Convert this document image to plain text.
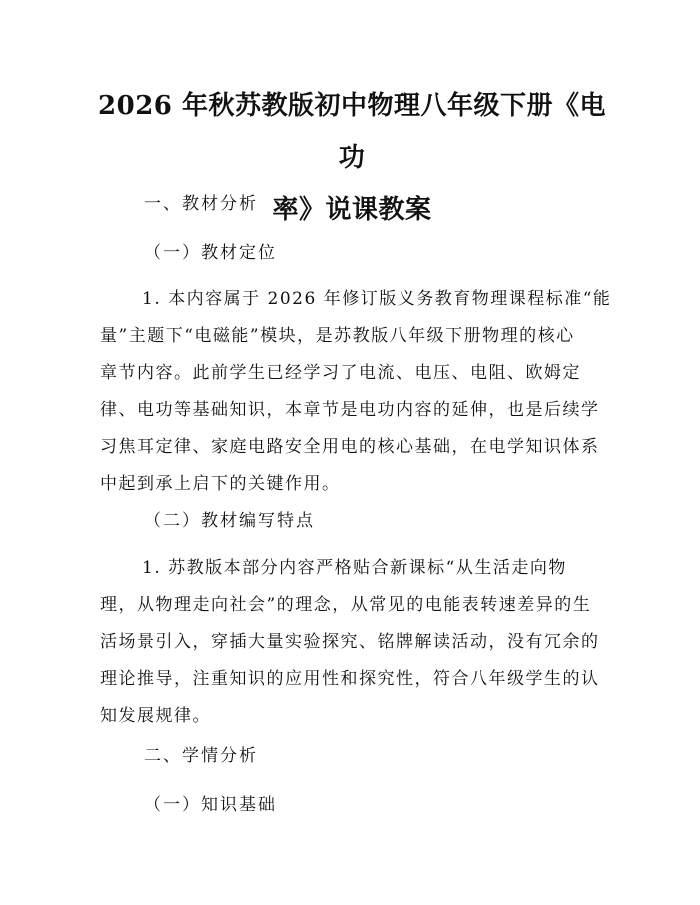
2026 年秋苏教版初中物理八年级下册《电功
率》说课教案
一、教材分析
（一）教材定位
1. 本内容属于 2026 年修订版义务教育物理课程标准“能
量”主题下“电磁能”模块，是苏教版八年级下册物理的核心
章节内容。此前学生已经学习了电流、电压、电阻、欧姆定
律、电功等基础知识，本章节是电功内容的延伸，也是后续学
习焦耳定律、家庭电路安全用电的核心基础，在电学知识体系
中起到承上启下的关键作用。
（二）教材编写特点
1. 苏教版本部分内容严格贴合新课标“从生活走向物
理，从物理走向社会”的理念，从常见的电能表转速差异的生
活场景引入，穿插大量实验探究、铭牌解读活动，没有冗余的
理论推导，注重知识的应用性和探究性，符合八年级学生的认
知发展规律。
二、学情分析
（一）知识基础
